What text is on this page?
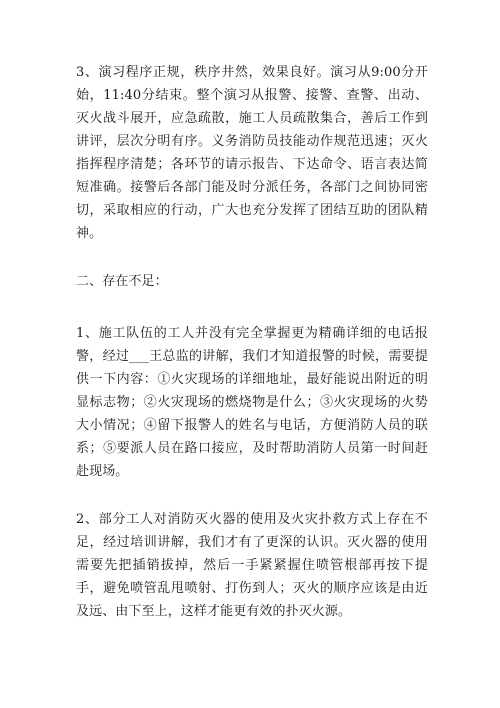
3、演习程序正规，秩序井然，效果良好。演习从9:00分开始，11:40分结束。整个演习从报警、接警、查警、出动、灭火战斗展开，应急疏散，施工人员疏散集合，善后工作到讲评，层次分明有序。义务消防员技能动作规范迅速；灭火指挥程序清楚；各环节的请示报告、下达命令、语言表达简短准确。接警后各部门能及时分派任务，各部门之间协同密切，采取相应的行动，广大也充分发挥了团结互助的团队精神。

二、存在不足：

1、施工队伍的工人并没有完全掌握更为精确详细的电话报警，经过___王总监的讲解，我们才知道报警的时候，需要提供一下内容：①火灾现场的详细地址，最好能说出附近的明显标志物；②火灾现场的燃烧物是什么；③火灾现场的火势大小情况；④留下报警人的姓名与电话，方便消防人员的联系；⑤要派人员在路口接应，及时帮助消防人员第一时间赶赴现场。

2、部分工人对消防灭火器的使用及火灾扑救方式上存在不足，经过培训讲解，我们才有了更深的认识。灭火器的使用需要先把插销拔掉，然后一手紧紧握住喷管根部再按下提手，避免喷管乱甩喷射、打伤到人；灭火的顺序应该是由近及远、由下至上，这样才能更有效的扑灭火源。
